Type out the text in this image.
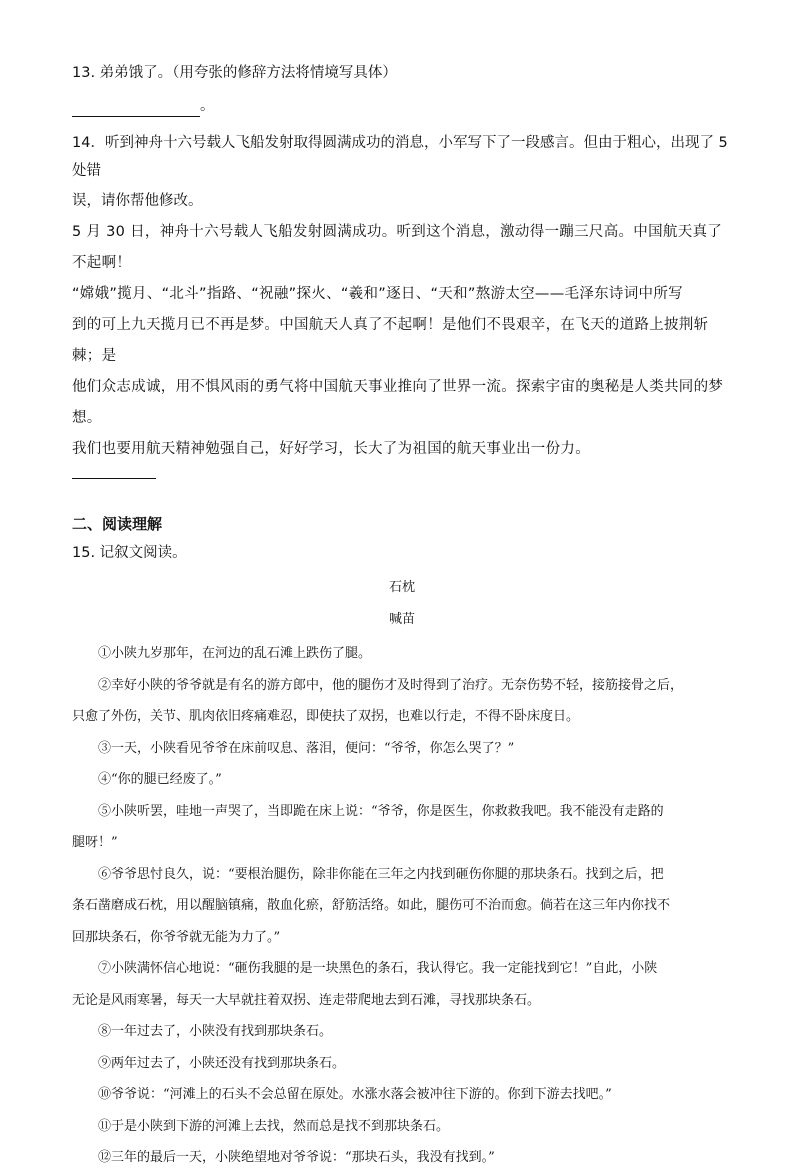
13. 弟弟饿了。（用夸张的修辞方法将情境写具体）

。

14．听到神舟十六号载人飞船发射取得圆满成功的消息，小军写下了一段感言。但由于粗心，出现了 5 处错

误，请你帮他修改。

5 月 30 日，神舟十六号载人飞船发射圆满成功。听到这个消息，激动得一蹦三尺高。中国航天真了不起啊！

“嫦娥”揽月、“北斗”指路、“祝融”探火、“羲和”逐日、“天和”熬游太空——毛泽东诗词中所写

到的可上九天揽月已不再是梦。中国航天人真了不起啊！是他们不畏艰辛，在飞天的道路上披荆斩棘；是

他们众志成诚，用不惧风雨的勇气将中国航天事业推向了世界一流。探索宇宙的奥秘是人类共同的梦想。

我们也要用航天精神勉强自己，好好学习，长大了为祖国的航天事业出一份力。

二、阅读理解

15. 记叙文阅读。

石枕

喊苗

①小陕九岁那年，在河边的乱石滩上跌伤了腿。

②幸好小陕的爷爷就是有名的游方郎中，他的腿伤才及时得到了治疗。无奈伤势不轻，接筋接骨之后，

只愈了外伤，关节、肌肉依旧疼痛难忍，即使扶了双拐，也难以行走，不得不卧床度日。

③一天，小陕看见爷爷在床前叹息、落泪，便问：“爷爷，你怎么哭了？”

④“你的腿已经废了。”

⑤小陕听罢，哇地一声哭了，当即跪在床上说：“爷爷，你是医生，你救救我吧。我不能没有走路的

腿呀！”

⑥爷爷思忖良久，说：“要根治腿伤，除非你能在三年之内找到砸伤你腿的那块条石。找到之后，把

条石凿磨成石枕，用以醒脑镇痛，散血化瘀，舒筋活络。如此，腿伤可不治而愈。倘若在这三年内你找不

回那块条石，你爷爷就无能为力了。”

⑦小陕满怀信心地说：“砸伤我腿的是一块黑色的条石，我认得它。我一定能找到它！”自此，小陕

无论是风雨寒暑，每天一大早就拄着双拐、连走带爬地去到石滩，寻找那块条石。

⑧一年过去了，小陕没有找到那块条石。

⑨两年过去了，小陕还没有找到那块条石。

⑩爷爷说：“河滩上的石头不会总留在原处。水涨水落会被冲往下游的。你到下游去找吧。”

⑪于是小陕到下游的河滩上去找，然而总是找不到那块条石。

⑫三年的最后一天，小陕绝望地对爷爷说：“那块石头，我没有找到。”
